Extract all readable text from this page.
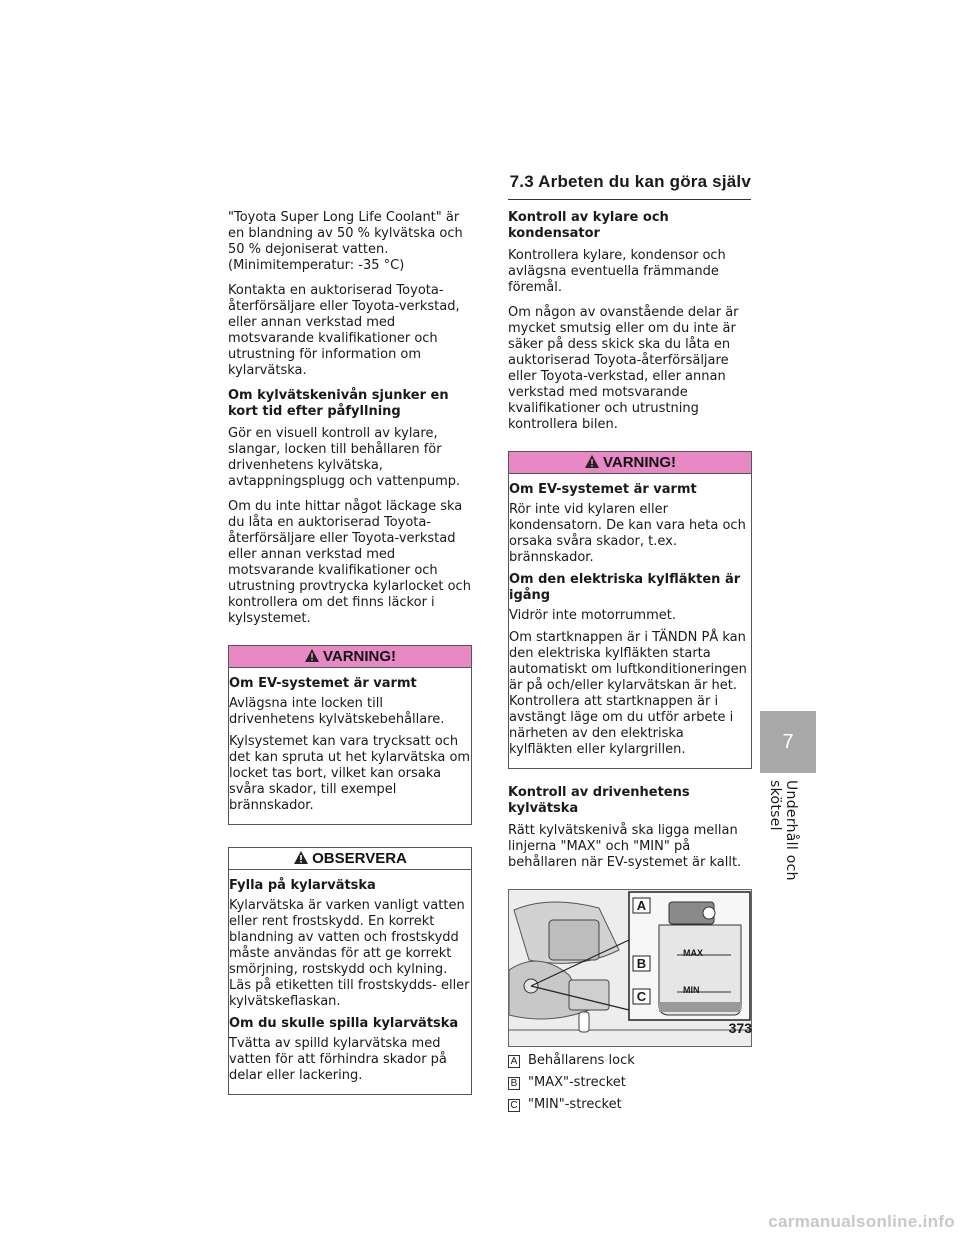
7.3 Arbeten du kan göra själv

"Toyota Super Long Life Coolant" är en blandning av 50 % kylvätska och 50 % dejoniserat vatten. (Minimitemperatur: -35 °C)

Kontakta en auktoriserad Toyota-återförsäljare eller Toyota-verkstad, eller annan verkstad med motsvarande kvalifikationer och utrustning för information om kylarvätska.

Om kylvätskenivån sjunker en kort tid efter påfyllning

Gör en visuell kontroll av kylare, slangar, locken till behållaren för drivenhetens kylvätska, avtappningsplugg och vattenpump.

Om du inte hittar något läckage ska du låta en auktoriserad Toyota-återförsäljare eller Toyota-verkstad eller annan verkstad med motsvarande kvalifikationer och utrustning provtrycka kylarlocket och kontrollera om det finns läckor i kylsystemet.

VARNING!

Om EV-systemet är varmt

Avlägsna inte locken till drivenhetens kylvätskebehållare.

Kylsystemet kan vara trycksatt och det kan spruta ut het kylarvätska om locket tas bort, vilket kan orsaka svåra skador, till exempel brännskador.

OBSERVERA

Fylla på kylarvätska

Kylarvätska är varken vanligt vatten eller rent frostskydd. En korrekt blandning av vatten och frostskydd måste användas för att ge korrekt smörjning, rostskydd och kylning. Läs på etiketten till frostskydds- eller kylvätskeflaskan.

Om du skulle spilla kylarvätska

Tvätta av spilld kylarvätska med vatten för att förhindra skador på delar eller lackering.

Kontroll av kylare och kondensator

Kontrollera kylare, kondensor och avlägsna eventuella främmande föremål.

Om någon av ovanstående delar är mycket smutsig eller om du inte är säker på dess skick ska du låta en auktoriserad Toyota-återförsäljare eller Toyota-verkstad, eller annan verkstad med motsvarande kvalifikationer och utrustning kontrollera bilen.

VARNING!

Om EV-systemet är varmt

Rör inte vid kylaren eller kondensatorn. De kan vara heta och orsaka svåra skador, t.ex. brännskador.

Om den elektriska kylfläkten är igång

Vidrör inte motorrummet.

Om startknappen är i TÄNDN PÅ kan den elektriska kylfläkten starta automatiskt om luftkonditioneringen är på och/eller kylarvätskan är het. Kontrollera att startknappen är i avstängt läge om du utför arbete i närheten av den elektriska kylfläkten eller kylargrillen.

Kontroll av drivenhetens kylvätska

Rätt kylvätskenivå ska ligga mellan linjerna "MAX" och "MIN" på behållaren när EV-systemet är kallt.

A
B
C
MAX
MIN
A Behållarens lock
B "MAX"-strecket
C "MIN"-strecket
7
Underhåll och skötsel
373
carmanualsonline.info
